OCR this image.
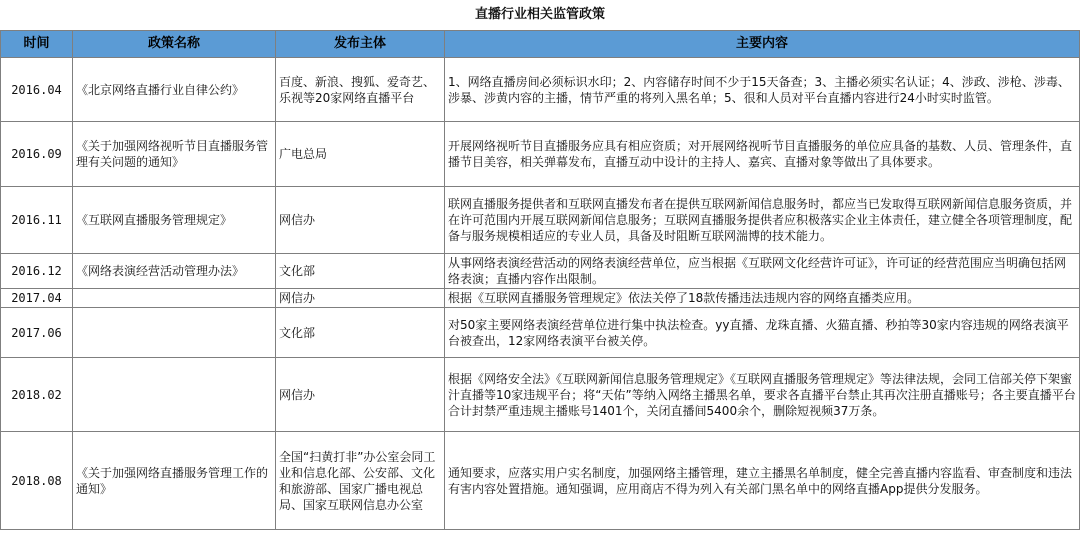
直播行业相关监管政策
时间	政策名称	发布主体	主要内容
2016.04	《北京网络直播行业自律公约》	百度、新浪、搜狐、爱奇艺、乐视等20家网络直播平台	1、网络直播房间必须标识水印；2、内容储存时间不少于15天备查；3、主播必须实名认证；4、涉政、涉枪、涉毒、涉暴、涉黄内容的主播，情节严重的将列入黑名单；5、很和人员对平台直播内容进行24小时实时监管。
2016.09	《关于加强网络视听节目直播服务管理有关问题的通知》	广电总局	开展网络视听节目直播服务应具有相应资质；对开展网络视听节目直播服务的单位应具备的基数、人员、管理条件，直播节目美容，相关弹幕发布，直播互动中设计的主持人、嘉宾、直播对象等做出了具体要求。
2016.11	《互联网直播服务管理规定》	网信办	联网直播服务提供者和互联网直播发布者在提供互联网新闻信息服务时，都应当已发取得互联网新闻信息服务资质，并在许可范围内开展互联网新闻信息服务；互联网直播服务提供者应积极落实企业主体责任，建立健全各项管理制度，配备与服务规模相适应的专业人员，具备及时阻断互联网湍博的技术能力。
2016.12	《网络表演经营活动管理办法》	文化部	从事网络表演经营活动的网络表演经营单位，应当根据《互联网文化经营许可证》，许可证的经营范围应当明确包括网络表演；直播内容作出限制。
2017.04		网信办	根据《互联网直播服务管理规定》依法关停了18款传播违法违规内容的网络直播类应用。
2017.06		文化部	对50家主要网络表演经营单位进行集中执法检查。yy直播、龙珠直播、火猫直播、秒拍等30家内容违规的网络表演平台被查出，12家网络表演平台被关停。
2018.02		网信办	根据《网络安全法》《互联网新闻信息服务管理规定》《互联网直播服务管理规定》等法律法规，会同工信部关停下架蜜汁直播等10家违规平台；将“天佑”等纳入网络主播黑名单，要求各直播平台禁止其再次注册直播账号；各主要直播平台合计封禁严重违规主播账号1401个，关闭直播间5400余个，删除短视频37万条。
2018.08	《关于加强网络直播服务管理工作的通知》	全国“扫黄打非”办公室会同工业和信息化部、公安部、文化和旅游部、国家广播电视总局、国家互联网信息办公室	通知要求，应落实用户实名制度，加强网络主播管理，建立主播黑名单制度，健全完善直播内容监看、审查制度和违法有害内容处置措施。通知强调，应用商店不得为列入有关部门黑名单中的网络直播App提供分发服务。
